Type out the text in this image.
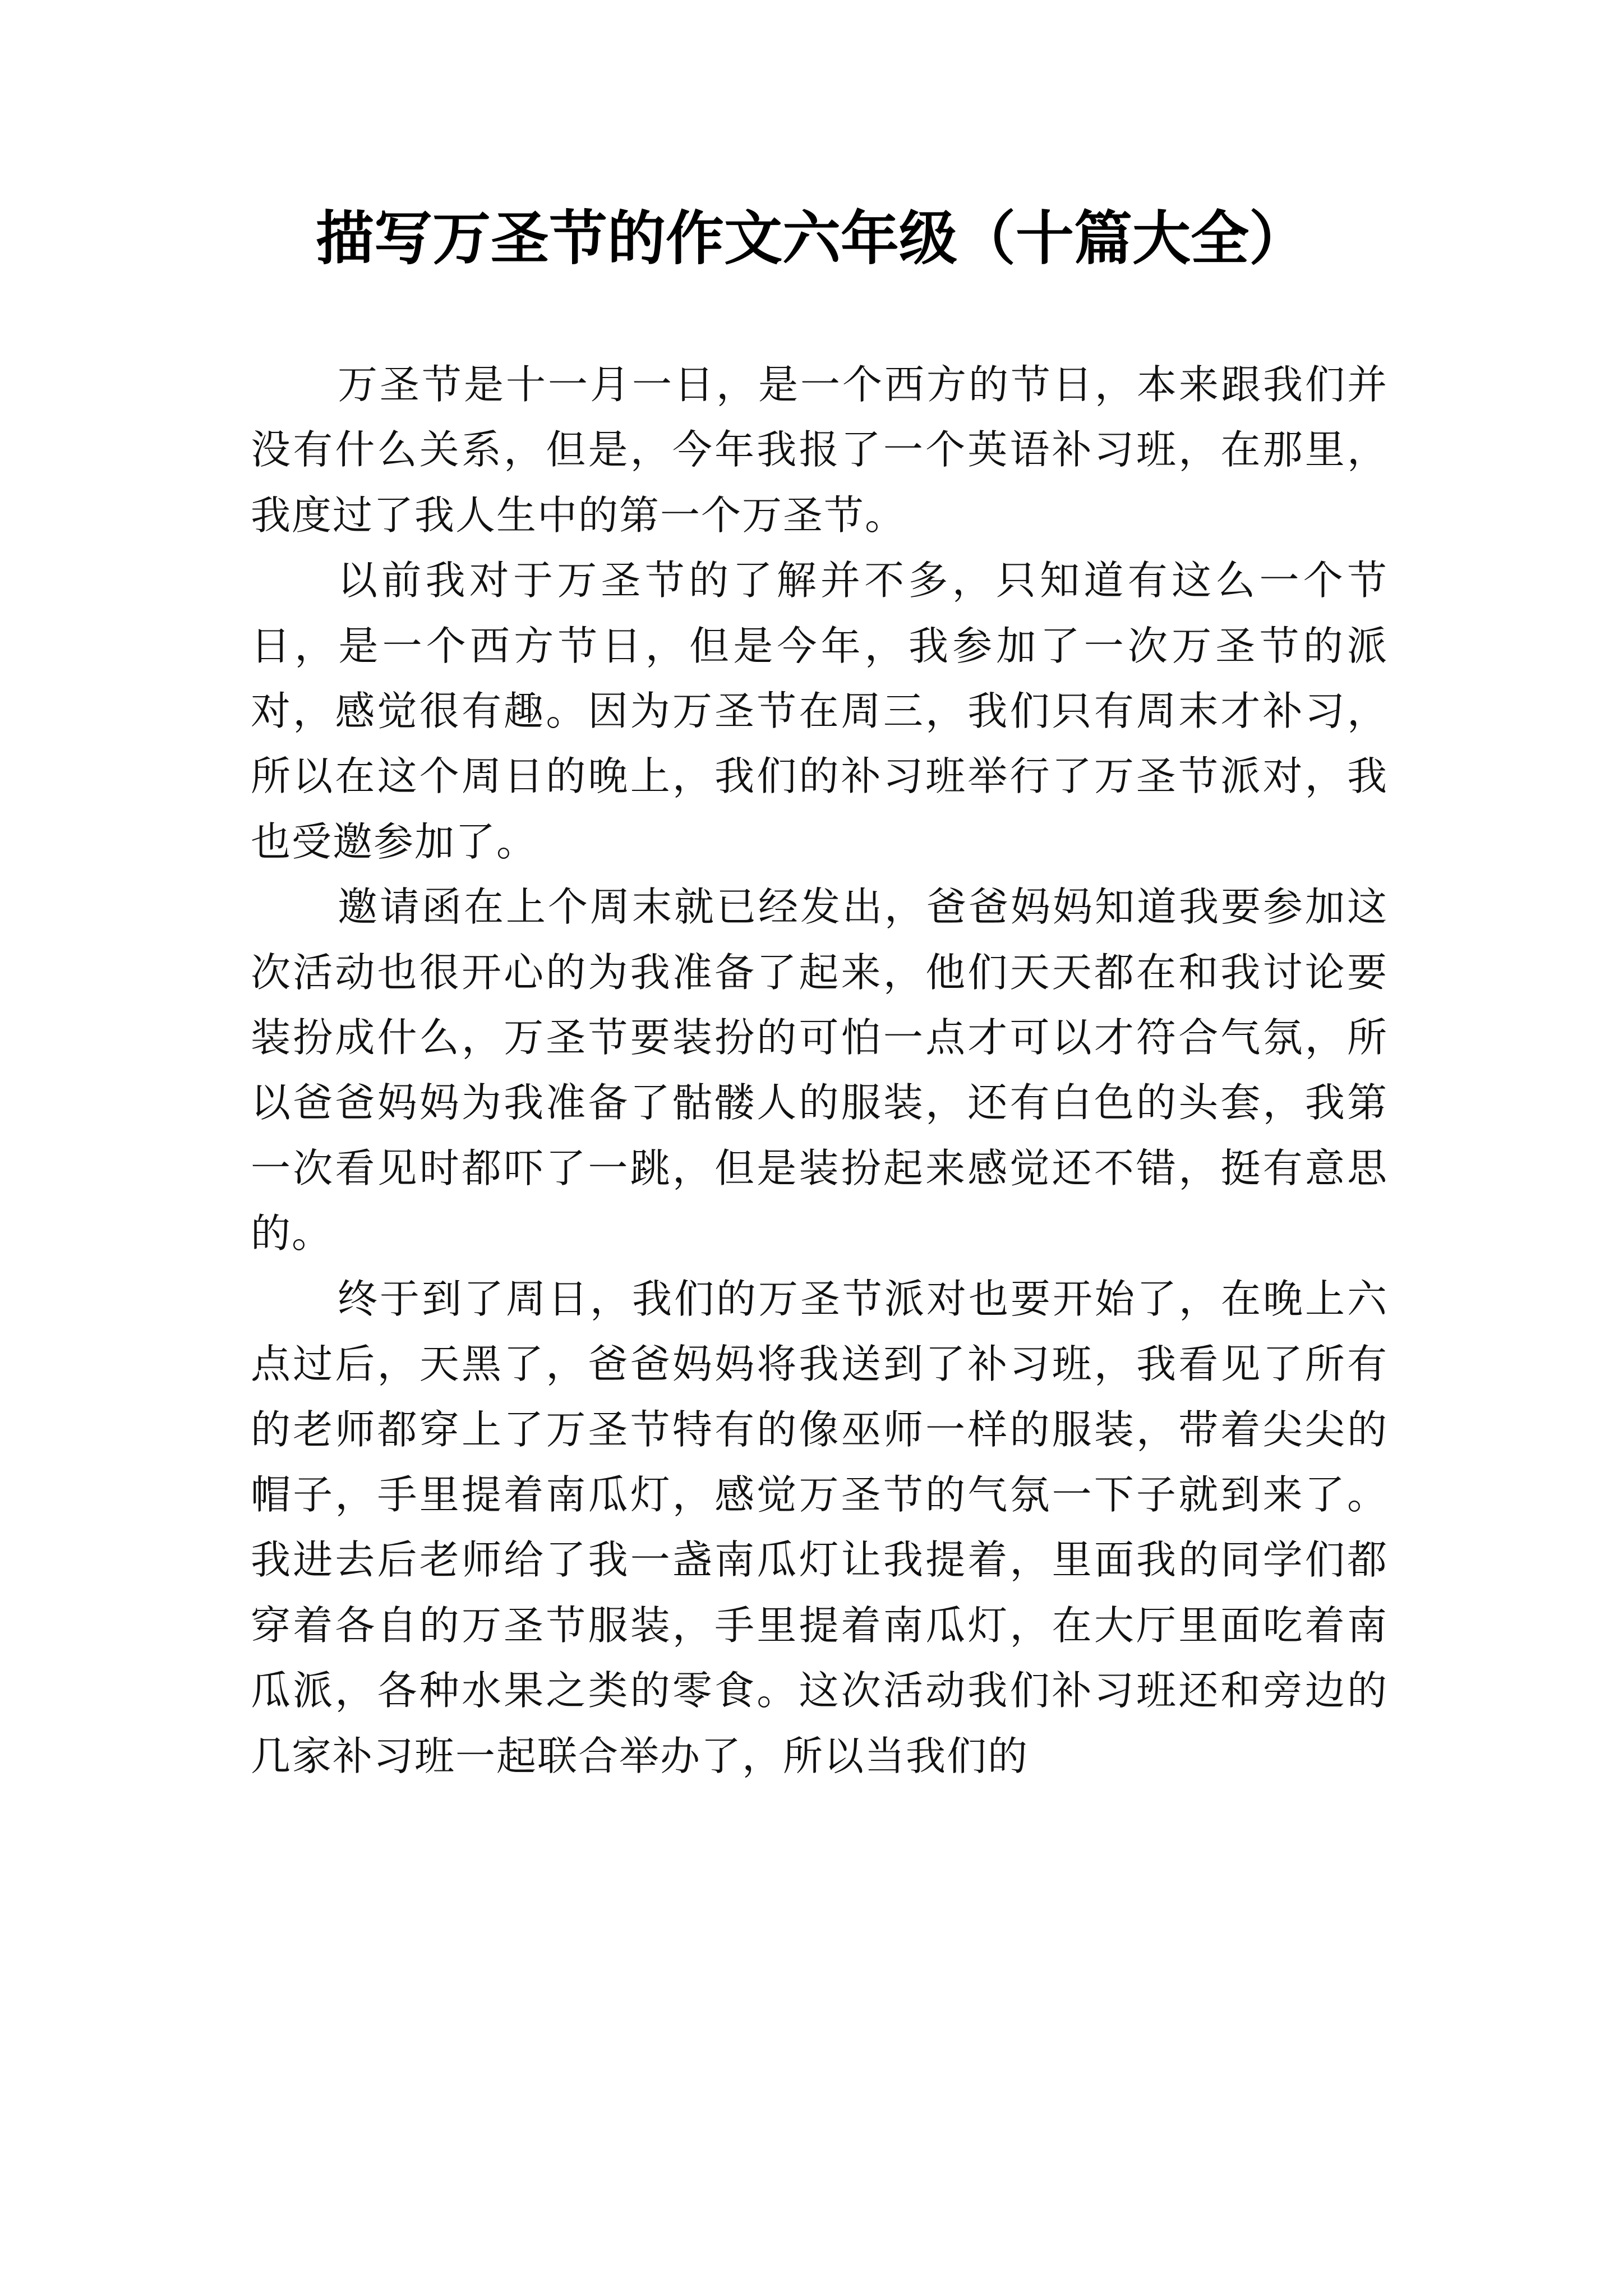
描写万圣节的作文六年级（十篇大全）

万圣节是十一月一日，是一个西方的节日，本来跟我们并没有什么关系，但是，今年我报了一个英语补习班，在那里，我度过了我人生中的第一个万圣节。

以前我对于万圣节的了解并不多，只知道有这么一个节日，是一个西方节日，但是今年，我参加了一次万圣节的派对，感觉很有趣。因为万圣节在周三，我们只有周末才补习，所以在这个周日的晚上，我们的补习班举行了万圣节派对，我也受邀参加了。

邀请函在上个周末就已经发出，爸爸妈妈知道我要参加这次活动也很开心的为我准备了起来，他们天天都在和我讨论要装扮成什么，万圣节要装扮的可怕一点才可以才符合气氛，所以爸爸妈妈为我准备了骷髅人的服装，还有白色的头套，我第一次看见时都吓了一跳，但是装扮起来感觉还不错，挺有意思的。

终于到了周日，我们的万圣节派对也要开始了，在晚上六点过后，天黑了，爸爸妈妈将我送到了补习班，我看见了所有的老师都穿上了万圣节特有的像巫师一样的服装，带着尖尖的帽子，手里提着南瓜灯，感觉万圣节的气氛一下子就到来了。我进去后老师给了我一盏南瓜灯让我提着，里面我的同学们都穿着各自的万圣节服装，手里提着南瓜灯，在大厅里面吃着南瓜派，各种水果之类的零食。这次活动我们补习班还和旁边的几家补习班一起联合举办了，所以当我们的
